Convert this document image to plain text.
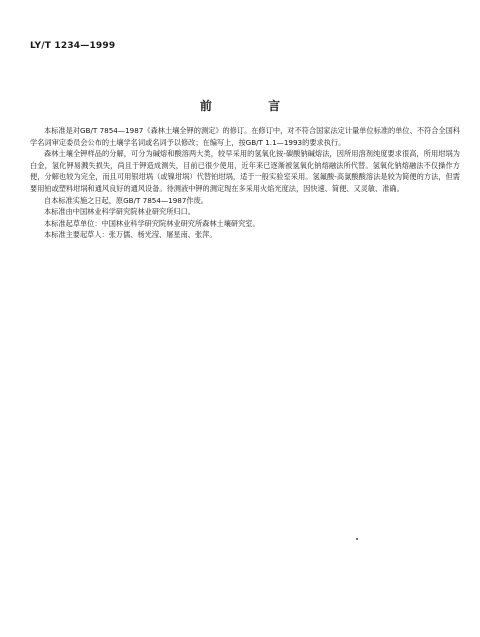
LY/T 1234—1999
前 言

本标准是对GB/T 7854—1987《森林土壤全钾的测定》的修订。在修订中，对不符合国家法定计量单位标准的单位、不符合全国科学名词审定委员会公布的土壤学名词或名词予以修改；在编写上，按GB/T 1.1—1993的要求执行。

森林土壤全钾样品的分解，可分为碱熔和酸溶两大类，较早采用的氢氧化铵-碳酸钠碱熔法，因所用溶剂纯度要求很高，所用坩埚为白金，氢化钾易溅失损失，尚且于钾造成测失，目前已很少使用，近年来已逐渐被氢氧化钠熔融法所代替。氢氧化钠熔融法不仅操作方便，分解也较为完全，而且可用银坩埚（或镍坩埚）代替铂坩埚，适于一般实验室采用。氢氟酸-高氯酸酸溶法是较为简便的方法，但需要用铂或塑料坩埚和通风良好的通风设备。待测液中钾的测定现在多采用火焰光度法，因快速、简便、又灵敏、准确。

自本标准实施之日起，原GB/T 7854—1987作废。

本标准由中国林业科学研究院林业研究所归口。

本标准起草单位：中国林业科学研究院林业研究所森林土壤研究室。

本标准主要起草人：张万儒、杨光滢、屠星南、张萍。
